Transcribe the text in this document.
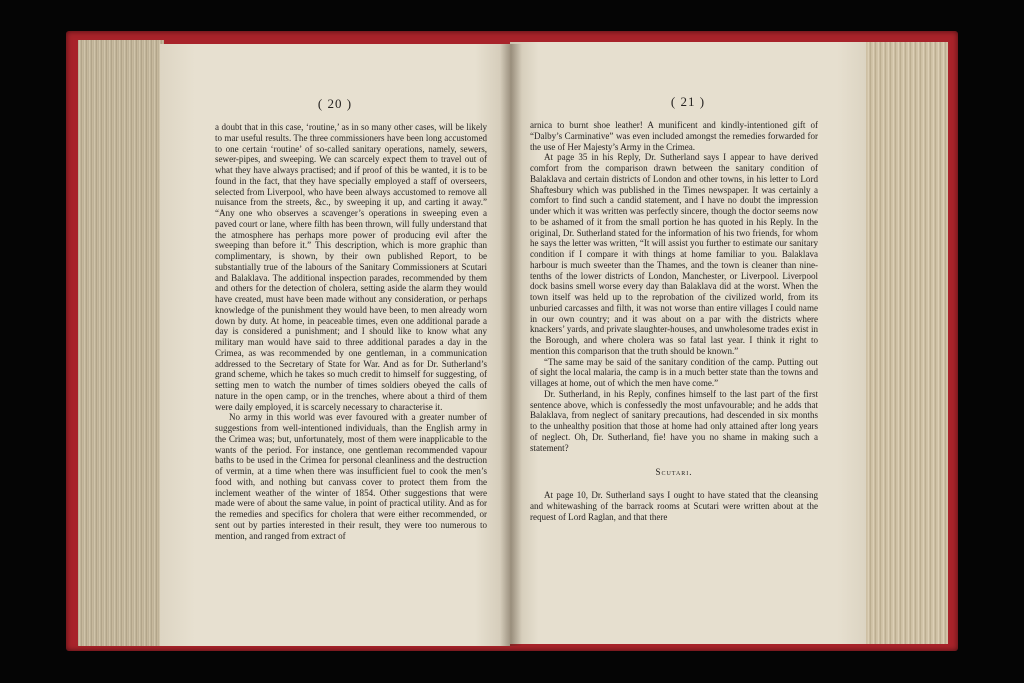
( 20 )

a doubt that in this case, ‘routine,’ as in so many other cases, will be likely to mar useful results. The three commissioners have been long accustomed to one certain ‘routine’ of so-called sanitary operations, namely, sewers, sewer-pipes, and sweeping. We can scarcely expect them to travel out of what they have always practised; and if proof of this be wanted, it is to be found in the fact, that they have specially employed a staff of overseers, selected from Liverpool, who have been always accustomed to remove all nuisance from the streets, &c., by sweeping it up, and carting it away.” “Any one who observes a scavenger’s operations in sweeping even a paved court or lane, where filth has been thrown, will fully understand that the atmosphere has perhaps more power of producing evil after the sweeping than before it.” This description, which is more graphic than complimentary, is shown, by their own published Report, to be substantially true of the labours of the Sanitary Commissioners at Scutari and Balaklava. The additional inspection parades, recommended by them and others for the detection of cholera, setting aside the alarm they would have created, must have been made without any consideration, or perhaps knowledge of the punishment they would have been, to men already worn down by duty. At home, in peaceable times, even one additional parade a day is considered a punishment; and I should like to know what any military man would have said to three additional parades a day in the Crimea, as was recommended by one gentleman, in a communication addressed to the Secretary of State for War. And as for Dr. Sutherland’s grand scheme, which he takes so much credit to himself for suggesting, of setting men to watch the number of times soldiers obeyed the calls of nature in the open camp, or in the trenches, where about a third of them were daily employed, it is scarcely necessary to characterise it.

No army in this world was ever favoured with a greater number of suggestions from well-intentioned individuals, than the English army in the Crimea was; but, unfortunately, most of them were inapplicable to the wants of the period. For instance, one gentleman recommended vapour baths to be used in the Crimea for personal cleanliness and the destruction of vermin, at a time when there was insufficient fuel to cook the men’s food with, and nothing but canvass cover to protect them from the inclement weather of the winter of 1854. Other suggestions that were made were of about the same value, in point of practical utility. And as for the remedies and specifics for cholera that were either recommended, or sent out by parties interested in their result, they were too numerous to mention, and ranged from extract of

( 21 )

arnica to burnt shoe leather! A munificent and kindly-intentioned gift of “Dalby’s Carminative” was even included amongst the remedies forwarded for the use of Her Majesty’s Army in the Crimea.

At page 35 in his Reply, Dr. Sutherland says I appear to have derived comfort from the comparison drawn between the sanitary condition of Balaklava and certain districts of London and other towns, in his letter to Lord Shaftesbury which was published in the Times newspaper. It was certainly a comfort to find such a candid statement, and I have no doubt the impression under which it was written was perfectly sincere, though the doctor seems now to be ashamed of it from the small portion he has quoted in his Reply. In the original, Dr. Sutherland stated for the information of his two friends, for whom he says the letter was written, “It will assist you further to estimate our sanitary condition if I compare it with things at home familiar to you. Balaklava harbour is much sweeter than the Thames, and the town is cleaner than nine-tenths of the lower districts of London, Manchester, or Liverpool. Liverpool dock basins smell worse every day than Balaklava did at the worst. When the town itself was held up to the reprobation of the civilized world, from its unburied carcasses and filth, it was not worse than entire villages I could name in our own country; and it was about on a par with the districts where knackers’ yards, and private slaughter-houses, and unwholesome trades exist in the Borough, and where cholera was so fatal last year. I think it right to mention this comparison that the truth should be known.”

“The same may be said of the sanitary condition of the camp. Putting out of sight the local malaria, the camp is in a much better state than the towns and villages at home, out of which the men have come.”

Dr. Sutherland, in his Reply, confines himself to the last part of the first sentence above, which is confessedly the most unfavourable; and he adds that Balaklava, from neglect of sanitary precautions, had descended in six months to the unhealthy position that those at home had only attained after long years of neglect. Oh, Dr. Sutherland, fie! have you no shame in making such a statement?

Scutari.

At page 10, Dr. Sutherland says I ought to have stated that the cleansing and whitewashing of the barrack rooms at Scutari were written about at the request of Lord Raglan, and that there
